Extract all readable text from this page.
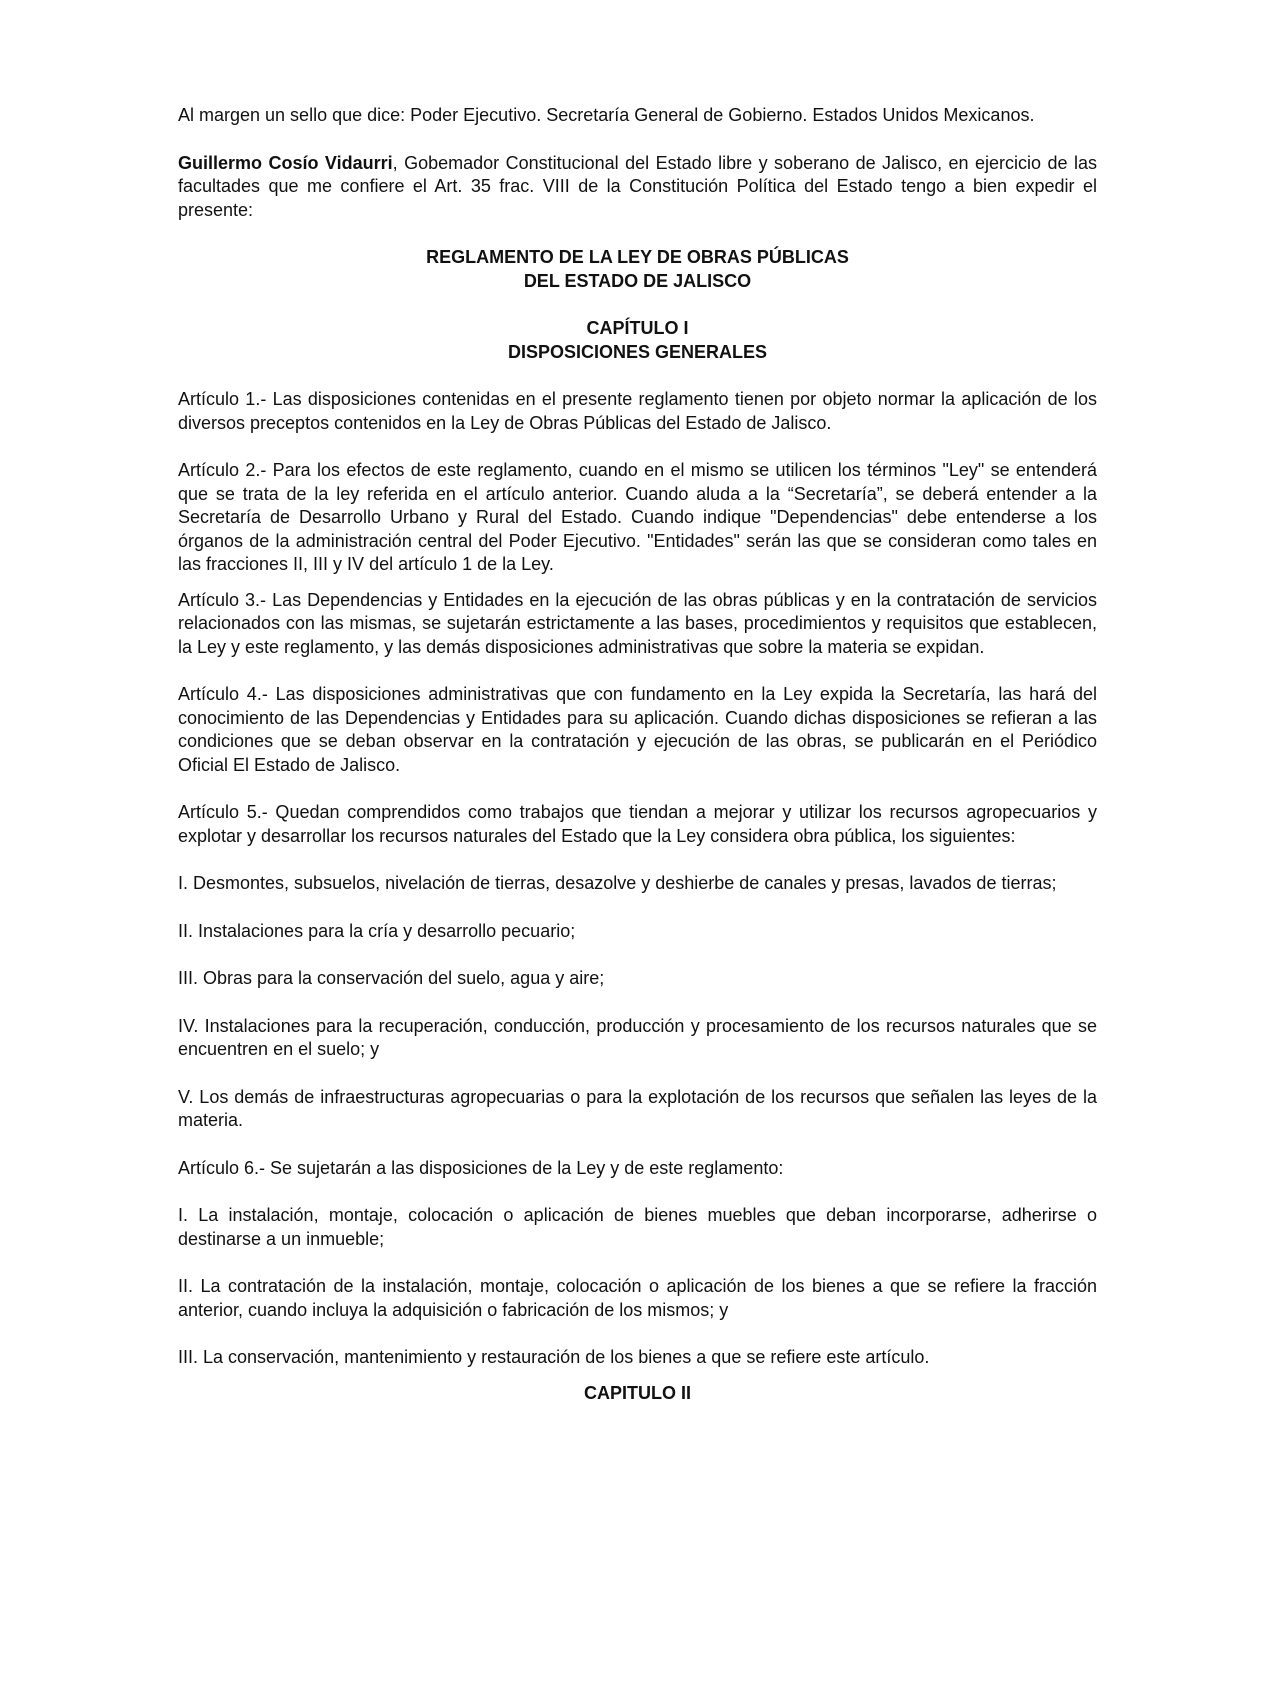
Al margen un sello que dice: Poder Ejecutivo. Secretaría General de Gobierno. Estados Unidos Mexicanos.

Guillermo Cosío Vidaurri, Gobemador Constitucional del Estado libre y soberano de Jalisco, en ejercicio de las facultades que me confiere el Art. 35 frac. VIII de la Constitución Política del Estado tengo a bien expedir el presente:

REGLAMENTO DE LA LEY DE OBRAS PÚBLICAS
DEL ESTADO DE JALISCO
CAPÍTULO I
DISPOSICIONES GENERALES

Artículo 1.- Las disposiciones contenidas en el presente reglamento tienen por objeto normar la aplicación de los diversos preceptos contenidos en la Ley de Obras Públicas del Estado de Jalisco.

Artículo 2.- Para los efectos de este reglamento, cuando en el mismo se utilicen los términos "Ley" se entenderá que se trata de la ley referida en el artículo anterior. Cuando aluda a la “Secretaría”, se deberá entender a la Secretaría de Desarrollo Urbano y Rural del Estado. Cuando indique "Dependencias" debe entenderse a los órganos de la administración central del Poder Ejecutivo. "Entidades" serán las que se consideran como tales en las fracciones II, III y IV del artículo 1 de la Ley.

Artículo 3.- Las Dependencias y Entidades en la ejecución de las obras públicas y en la contratación de servicios relacionados con las mismas, se sujetarán estrictamente a las bases, procedimientos y requisitos que establecen, la Ley y este reglamento, y las demás disposiciones administrativas que sobre la materia se expidan.

Artículo 4.- Las disposiciones administrativas que con fundamento en la Ley expida la Secretaría, las hará del conocimiento de las Dependencias y Entidades para su aplicación. Cuando dichas disposiciones se refieran a las condiciones que se deban observar en la contratación y ejecución de las obras, se publicarán en el Periódico Oficial El Estado de Jalisco.

Artículo 5.- Quedan comprendidos como trabajos que tiendan a mejorar y utilizar los recursos agropecuarios y explotar y desarrollar los recursos naturales del Estado que la Ley considera obra pública, los siguientes:

I. Desmontes, subsuelos, nivelación de tierras, desazolve y deshierbe de canales y presas, lavados de tierras;

II. Instalaciones para la cría y desarrollo pecuario;

III. Obras para la conservación del suelo, agua y aire;

IV. Instalaciones para la recuperación, conducción, producción y procesamiento de los recursos naturales que se encuentren en el suelo; y

V. Los demás de infraestructuras agropecuarias o para la explotación de los recursos que señalen las leyes de la materia.

Artículo 6.- Se sujetarán a las disposiciones de la Ley y de este reglamento:

I. La instalación, montaje, colocación o aplicación de bienes muebles que deban incorporarse, adherirse o destinarse a un inmueble;

II. La contratación de la instalación, montaje, colocación o aplicación de los bienes a que se refiere la fracción anterior, cuando incluya la adquisición o fabricación de los mismos; y

III. La conservación, mantenimiento y restauración de los bienes a que se refiere este artículo.

CAPITULO II
